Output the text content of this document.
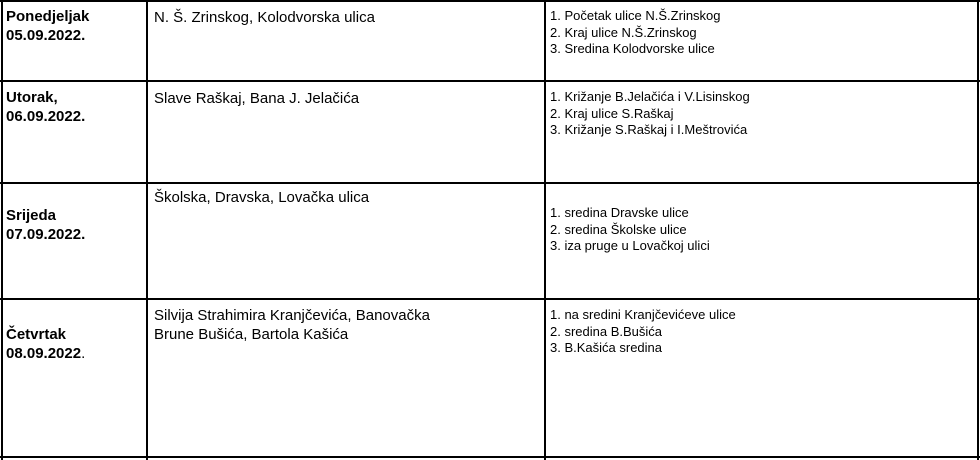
Ponedjeljak
05.09.2022.
N. Š. Zrinskog, Kolodvorska ulica	1. Početak ulice N.Š.Zrinskog
2. Kraj ulice N.Š.Zrinskog
3. Sredina Kolodvorske ulice
Utorak,
06.09.2022.
Slave Raškaj, Bana J. Jelačića	1. Križanje B.Jelačića i V.Lisinskog
2. Kraj ulice S.Raškaj
3. Križanje S.Raškaj i I.Meštrovića
Srijeda
07.09.2022.
Školska, Dravska, Lovačka ulica
1. sredina Dravske ulice
2. sredina Školske ulice
3. iza pruge u Lovačkoj ulici
Četvrtak
08.09.2022.
Silvija Strahimira Kranjčevića, Banovačka
Brune Bušića, Bartola Kašića
1. na sredini Kranjčevićeve ulice
2. sredina B.Bušića
3. B.Kašića sredina
